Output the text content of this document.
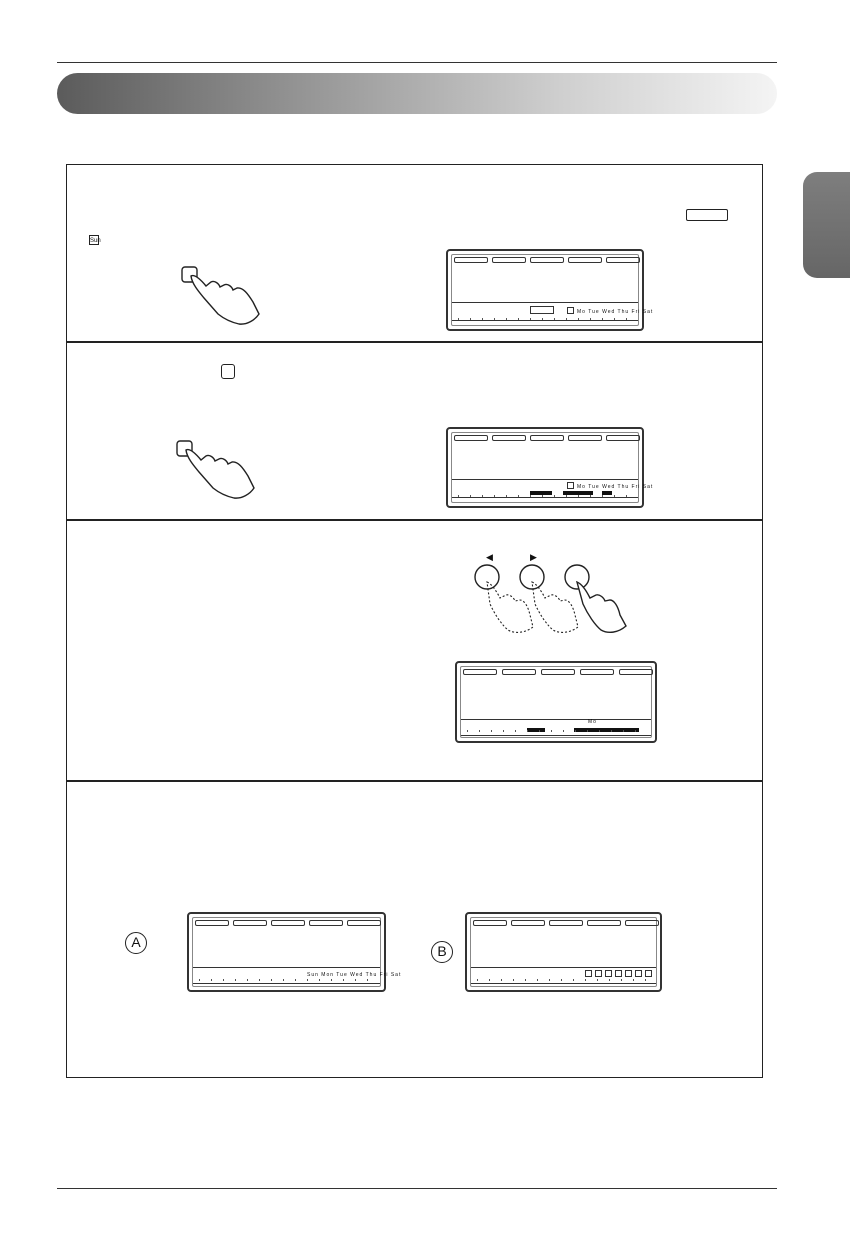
Sun
Mo Tue Wed Thu Fri Sat
Mo Tue Wed Thu Fri Sat
◀	▶
Mo
A
B
Sun Mon Tue Wed Thu Fri Sat
